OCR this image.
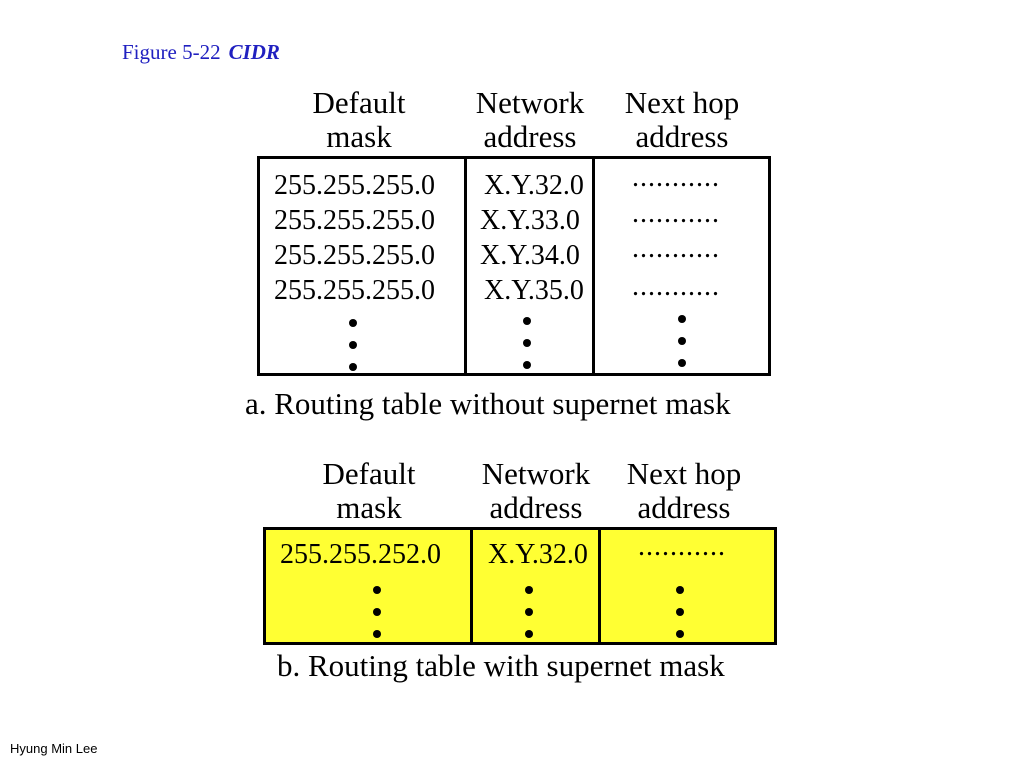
Figure 5-22 CIDR
Default
mask
Network
address
Next hop
address
255.255.255.0 X.Y.32.0 ...........
255.255.255.0 X.Y.33.0 ...........
255.255.255.0 X.Y.34.0 ...........
255.255.255.0 X.Y.35.0 ...........
a. Routing table without supernet mask
Default
mask
Network
address
Next hop
address
255.255.252.0 X.Y.32.0 ...........
b. Routing table with supernet mask
Hyung Min Lee
